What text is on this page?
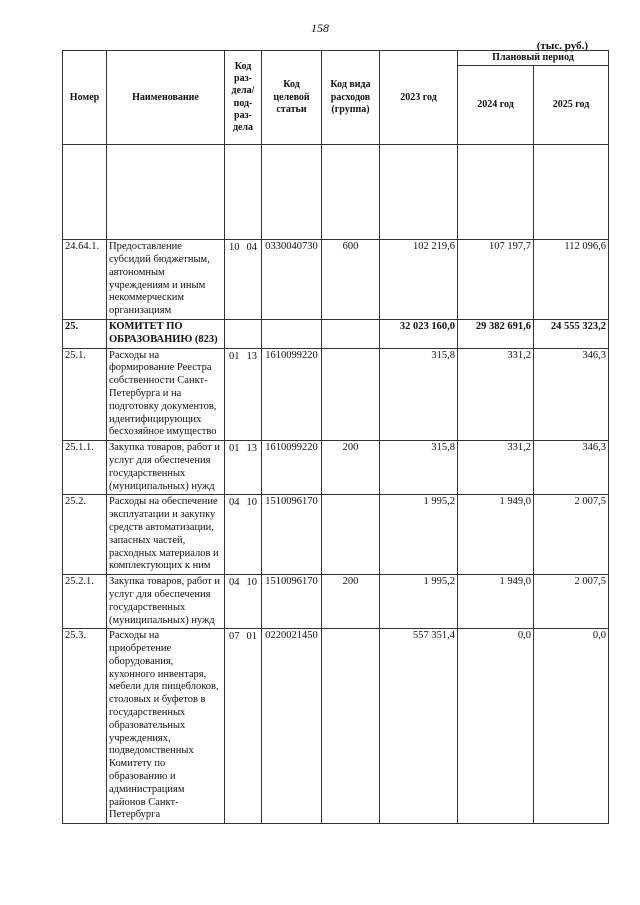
158
(тыс. руб.)
Номер	Наименование	Код раз-дела/ под-раз-дела	Код целевой статьи	Код вида расходов (группа)	2023 год	Плановый период	
						2024 год	2025 год

24.64.1.	Предоставление субсидий бюджетным, автономным учреждениям и иным некоммерческим организациям	10 04	0330040730	600	102 219,6	107 197,7	112 096,6
25.	КОМИТЕТ ПО ОБРАЗОВАНИЮ (823)				32 023 160,0	29 382 691,6	24 555 323,2
25.1.	Расходы на формирование Реестра собственности Санкт-Петербурга и на подготовку документов, идентифицирующих бесхозяйное имущество	01 13	1610099220		315,8	331,2	346,3
25.1.1.	Закупка товаров, работ и услуг для обеспечения государственных (муниципальных) нужд	01 13	1610099220	200	315,8	331,2	346,3
25.2.	Расходы на обеспечение эксплуатации и закупку средств автоматизации, запасных частей, расходных материалов и комплектующих к ним	04 10	1510096170		1 995,2	1 949,0	2 007,5
25.2.1.	Закупка товаров, работ и услуг для обеспечения государственных (муниципальных) нужд	04 10	1510096170	200	1 995,2	1 949,0	2 007,5
25.3.	Расходы на приобретение оборудования, кухонного инвентаря, мебели для пищеблоков, столовых и буфетов в государственных образовательных учреждениях, подведомственных Комитету по образованию и администрациям районов Санкт-Петербурга	07 01	0220021450		557 351,4	0,0	0,0
